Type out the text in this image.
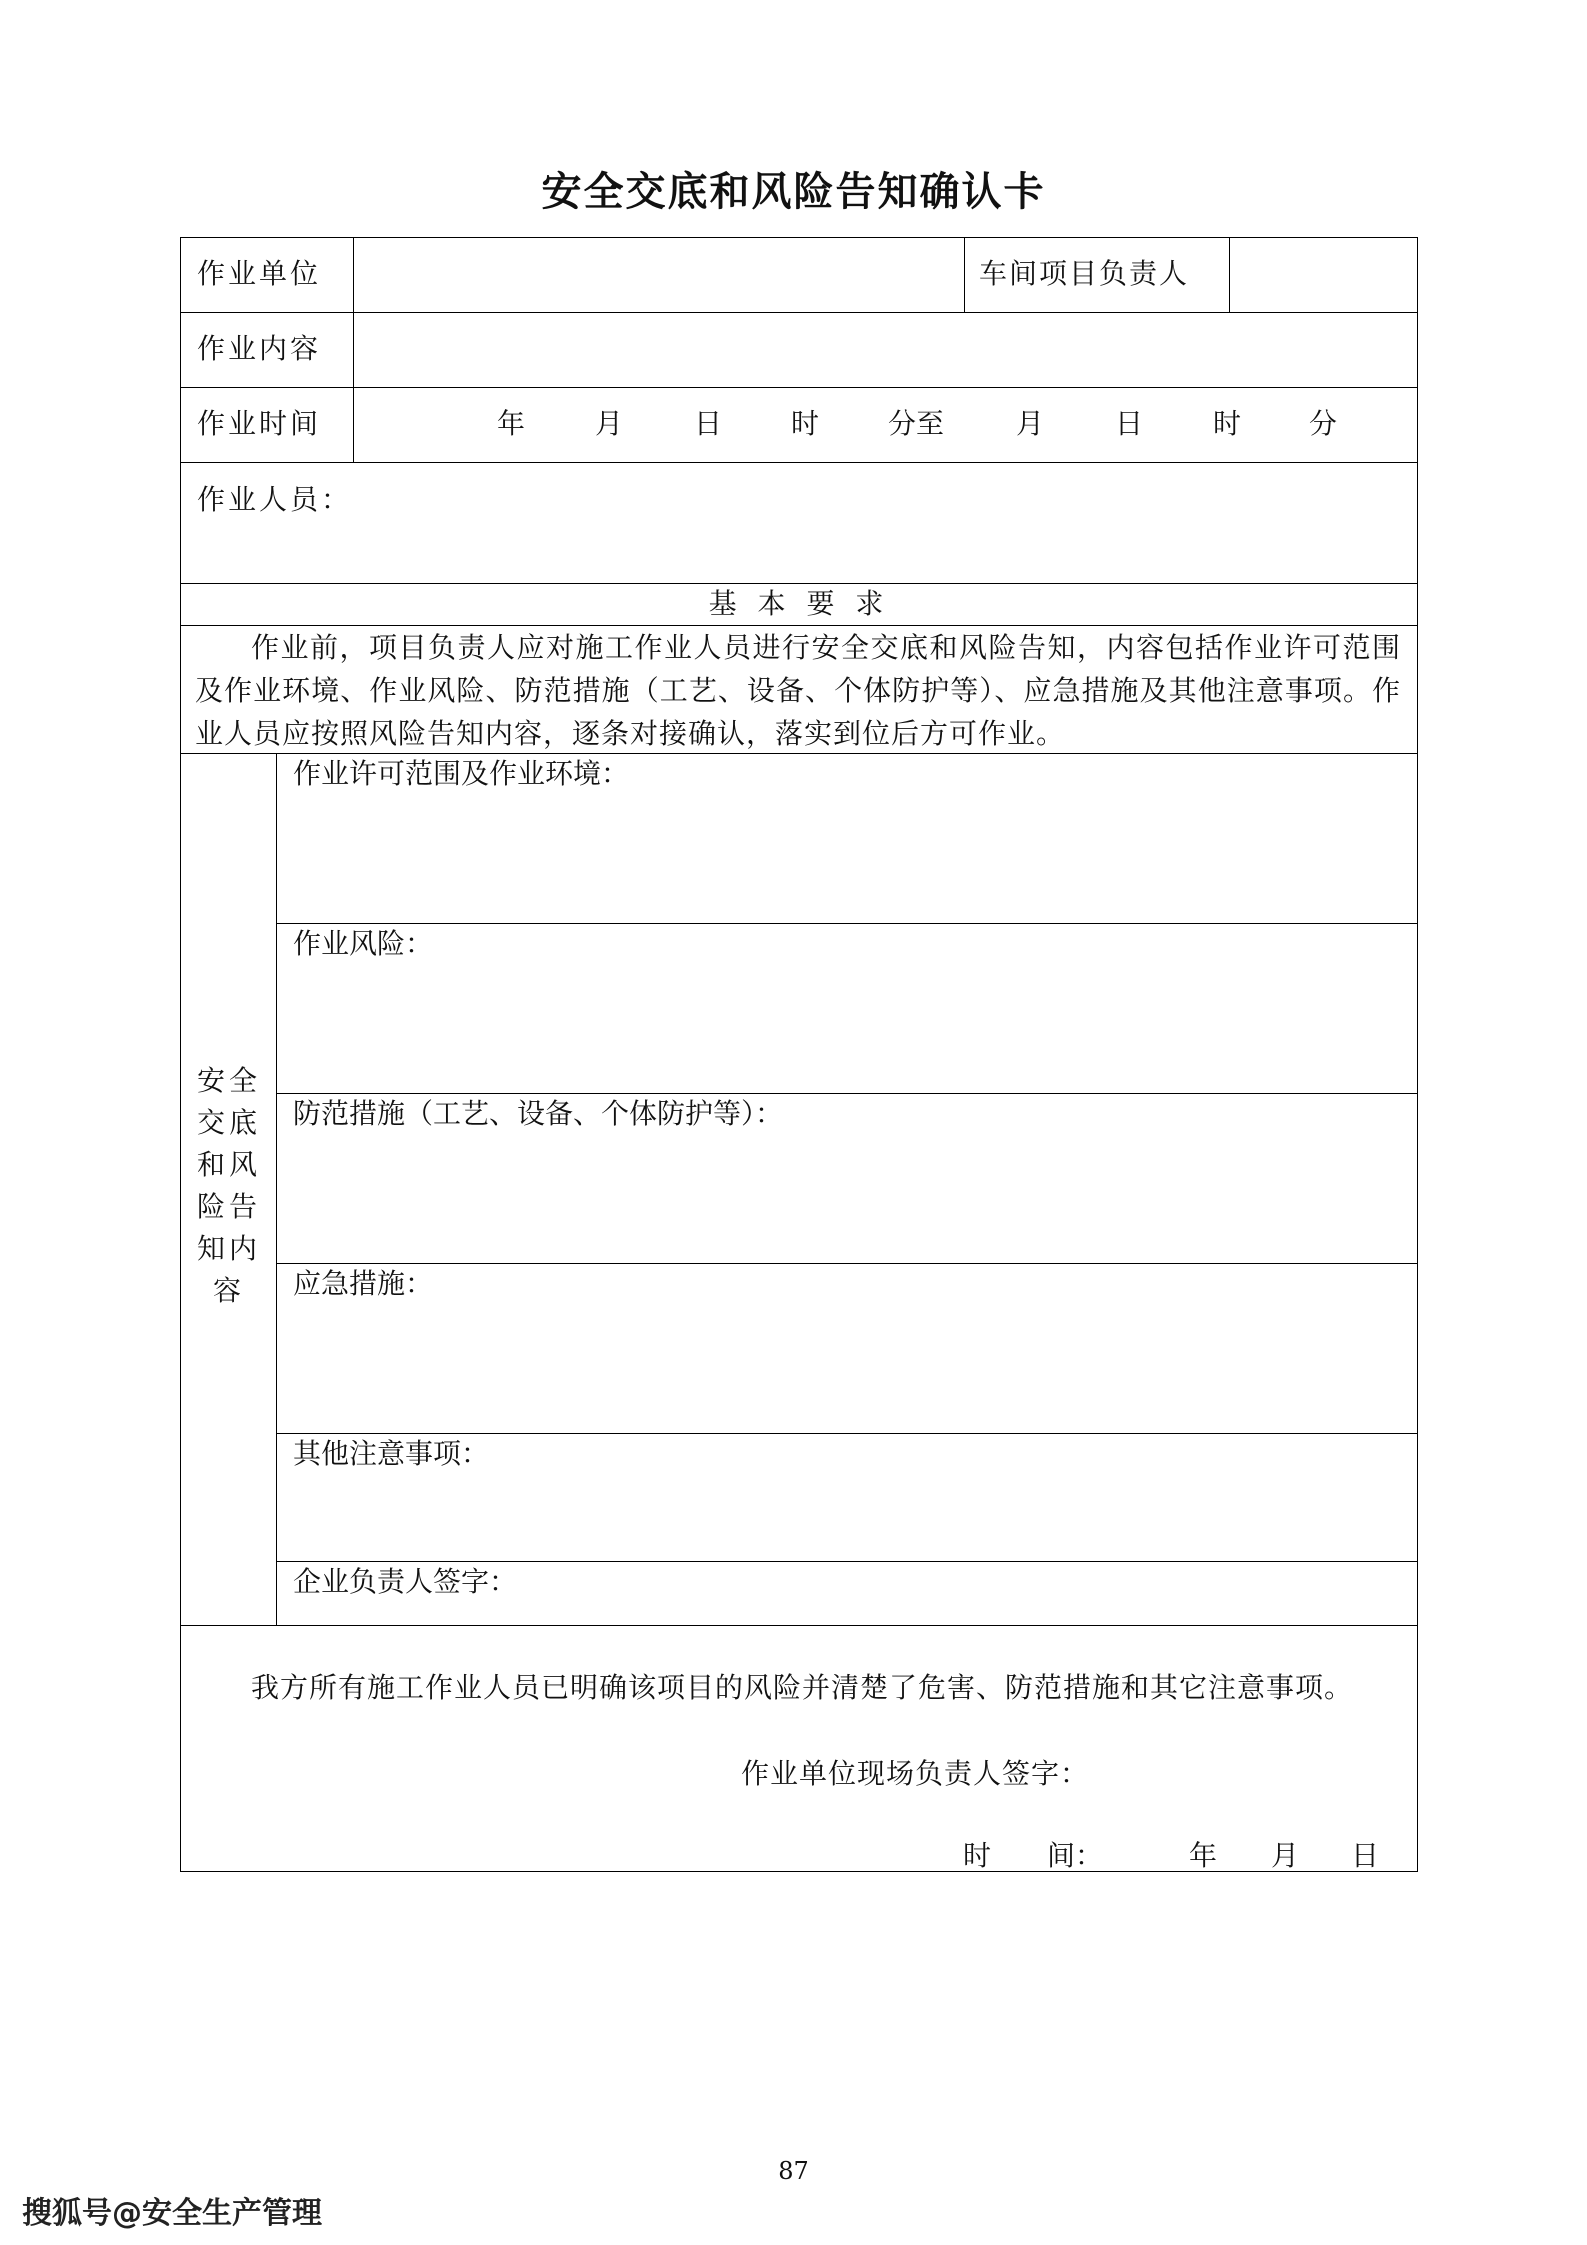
安全交底和风险告知确认卡
作业单位	车间项目负责人
作业内容
作业时间	年 月	日 时 分至	月	日 时 分
作业人员：
基 本 要 求
作业前，项目负责人应对施工作业人员进行安全交底和风险告知，内容包括作业许可范围及作业环境、作业风险、防范措施（工艺、设备、个体防护等）、应急措施及其他注意事项。作业人员应按照风险告知内容，逐条对接确认，落实到位后方可作业。
安全
交底
和风
险告
知内
容
作业许可范围及作业环境：
作业风险：
防范措施（工艺、设备、个体防护等）：
应急措施：
其他注意事项：
企业负责人签字：
我方所有施工作业人员已明确该项目的风险并清楚了危害、防范措施和其它注意事项。
作业单位现场负责人签字：
时　　间：	年 月 日
87
搜狐号@安全生产管理
